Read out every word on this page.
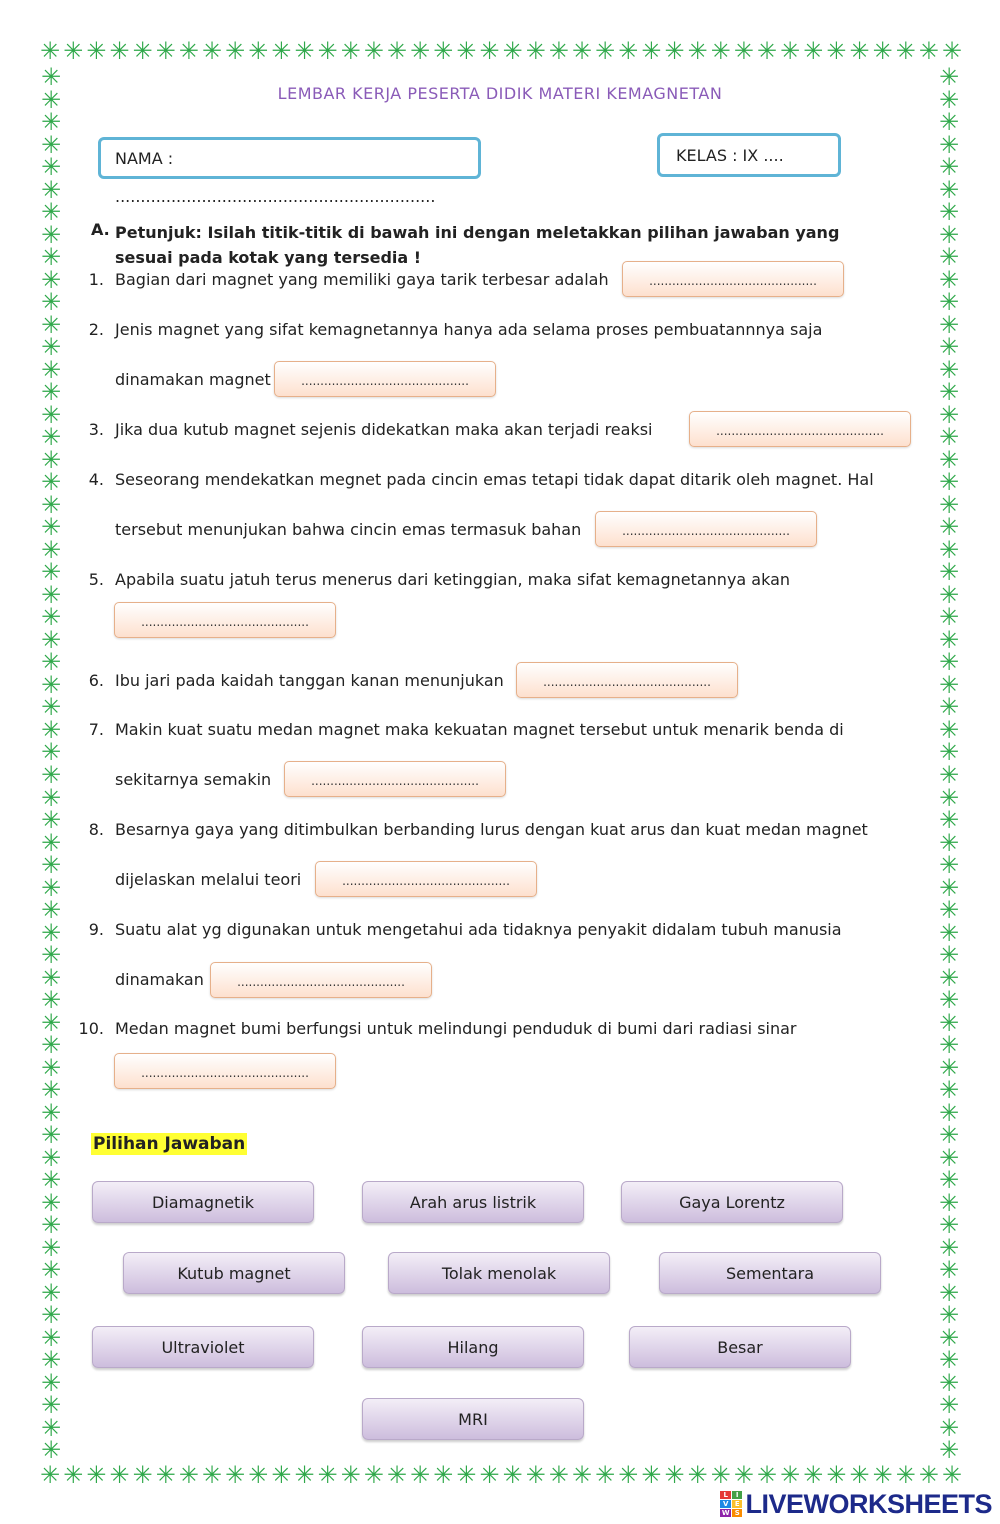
✳ ✳ ✳ ✳ ✳ ✳ ✳ ✳ ✳ ✳ ✳ ✳ ✳ ✳ ✳ ✳ ✳ ✳ ✳ ✳ ✳ ✳ ✳ ✳ ✳ ✳ ✳ ✳ ✳ ✳ ✳ ✳ ✳ ✳ ✳ ✳ ✳ ✳ ✳ ✳
✳ ✳ ✳ ✳ ✳ ✳ ✳ ✳ ✳ ✳ ✳ ✳ ✳ ✳ ✳ ✳ ✳ ✳ ✳ ✳ ✳ ✳ ✳ ✳ ✳ ✳ ✳ ✳ ✳ ✳ ✳ ✳ ✳ ✳ ✳ ✳ ✳ ✳ ✳ ✳
✳
✳
✳
✳
✳
✳
✳
✳
✳
✳
✳
✳
✳
✳
✳
✳
✳
✳
✳
✳
✳
✳
✳
✳
✳
✳
✳
✳
✳
✳
✳
✳
✳
✳
✳
✳
✳
✳
✳
✳
✳
✳
✳
✳
✳
✳
✳
✳
✳
✳
✳
✳
✳
✳
✳
✳
✳
✳
✳
✳
✳
✳
✳
✳
✳
✳
✳
✳
✳
✳
✳
✳
✳
✳
✳
✳
✳
✳
✳
✳
✳
✳
✳
✳
✳
✳
✳
✳
✳
✳
✳
✳
✳
✳
✳
✳
✳
✳
✳
✳
✳
✳
✳
✳
✳
✳
✳
✳
✳
✳
✳
✳
✳
✳
✳
✳
✳
✳
✳
✳
✳
✳
✳
✳
LEMBAR KERJA PESERTA DIDIK MATERI KEMAGNETAN
NAMA : ...............................................................
KELAS : IX ....
A. Petunjuk: Isilah titik-titik di bawah ini dengan meletakkan pilihan jawaban yang sesuai pada kotak yang tersedia !
1. Bagian dari magnet yang memiliki gaya tarik terbesar adalah	............................................
2. Jenis magnet yang sifat kemagnetannya hanya ada selama proses pembuatannnya saja
dinamakan magnet	............................................
3. Jika dua kutub magnet sejenis didekatkan maka akan terjadi reaksi	............................................
4. Seseorang mendekatkan megnet pada cincin emas tetapi tidak dapat ditarik oleh magnet. Hal
tersebut menunjukan bahwa cincin emas termasuk bahan	............................................
5. Apabila suatu jatuh terus menerus dari ketinggian, maka sifat kemagnetannya akan
............................................
6. Ibu jari pada kaidah tanggan kanan menunjukan	............................................
7. Makin kuat suatu medan magnet maka kekuatan magnet tersebut untuk menarik benda di
sekitarnya semakin	............................................
8. Besarnya gaya yang ditimbulkan berbanding lurus dengan kuat arus dan kuat medan magnet
dijelaskan melalui teori	............................................
9. Suatu alat yg digunakan untuk mengetahui ada tidaknya penyakit didalam tubuh manusia
dinamakan	............................................
10. Medan magnet bumi berfungsi untuk melindungi penduduk di bumi dari radiasi sinar
............................................
Pilihan Jawaban
Diamagnetik	Arah arus listrik	Gaya Lorentz
Kutub magnet	Tolak menolak	Sementara
Ultraviolet	Hilang	Besar
MRI
L	I
V E
W S LIVEWORKSHEETS
